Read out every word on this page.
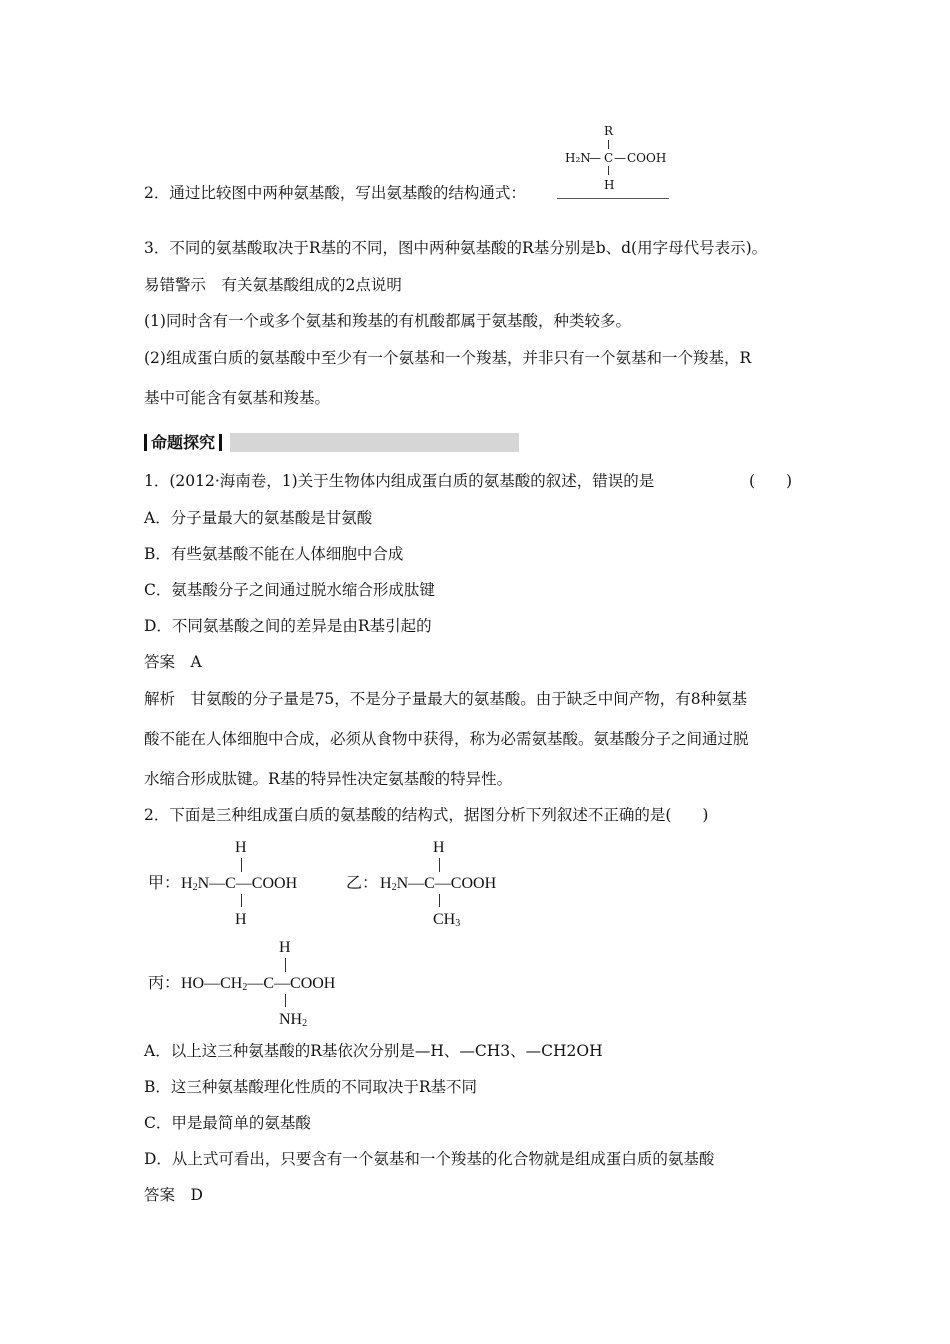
R
H₂N
— C — COOH
H
2．通过比较图中两种氨基酸，写出氨基酸的结构通式：
3．不同的氨基酸取决于R基的不同，图中两种氨基酸的R基分别是b、d(用字母代号表示)。
易错警示　有关氨基酸组成的2点说明
(1)同时含有一个或多个氨基和羧基的有机酸都属于氨基酸，种类较多。
(2)组成蛋白质的氨基酸中至少有一个氨基和一个羧基，并非只有一个氨基和一个羧基，R
基中可能含有氨基和羧基。
命题探究
1．(2012·海南卷，1)关于生物体内组成蛋白质的氨基酸的叙述，错误的是	(　　)
A．分子量最大的氨基酸是甘氨酸
B．有些氨基酸不能在人体细胞中合成
C．氨基酸分子之间通过脱水缩合形成肽键
D．不同氨基酸之间的差异是由R基引起的
答案　A
解析　甘氨酸的分子量是75，不是分子量最大的氨基酸。由于缺乏中间产物，有8种氨基
酸不能在人体细胞中合成，必须从食物中获得，称为必需氨基酸。氨基酸分子之间通过脱
水缩合形成肽键。R基的特异性决定氨基酸的特异性。
2．下面是三种组成蛋白质的氨基酸的结构式，据图分析下列叙述不正确的是(　　)
H
甲： $H_2N—C—COOH$
H
H
乙： $H_2N—C—COOH$
$CH_3$
H
丙： $HO—CH_2—C—COOH$
$NH_2$
A．以上这三种氨基酸的R基依次分别是—H、—CH3、—CH2OH
B．这三种氨基酸理化性质的不同取决于R基不同
C．甲是最简单的氨基酸
D．从上式可看出，只要含有一个氨基和一个羧基的化合物就是组成蛋白质的氨基酸
答案　D
